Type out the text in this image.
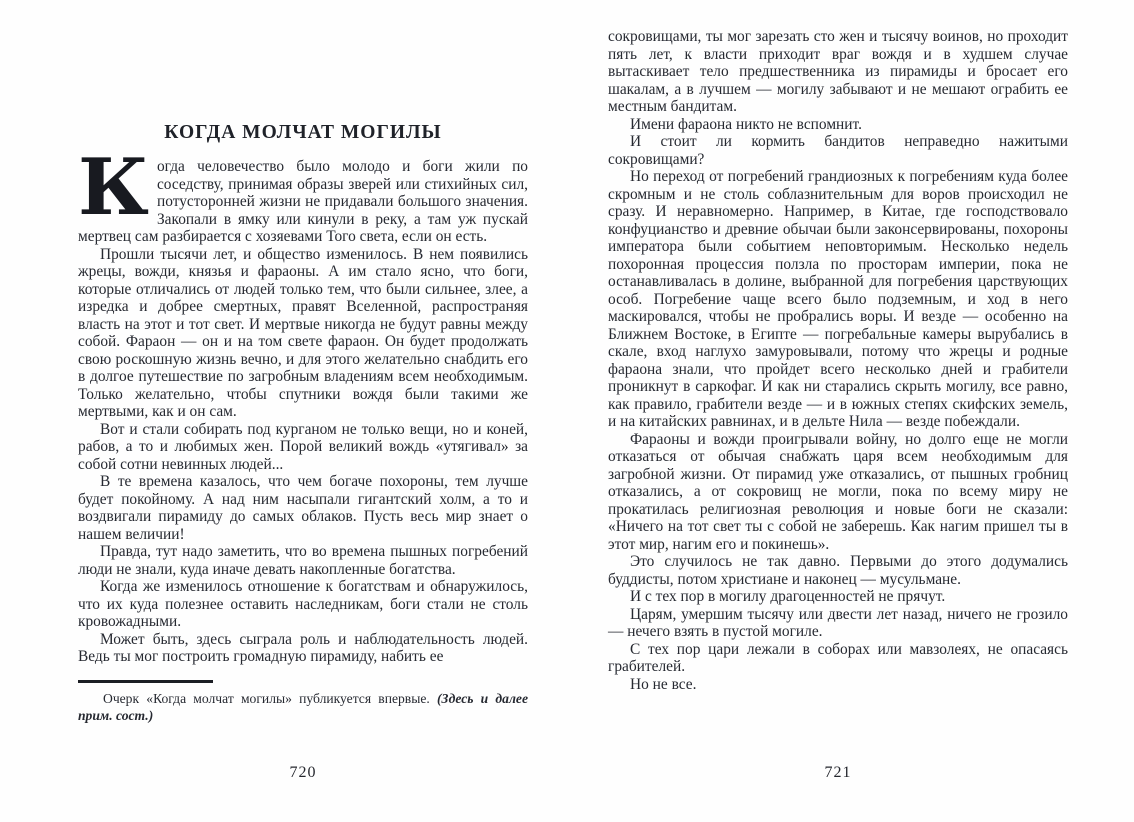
КОГДА МОЛЧАТ МОГИЛЫ

Когда человечество было молодо и боги жили по соседству, принимая образы зверей или стихийных сил, потусторонней жизни не придавали большого значения. Закопали в ямку или кинули в реку, а там уж пускай мертвец сам разбирается с хозяевами Того света, если он есть.

Прошли тысячи лет, и общество изменилось. В нем появились жрецы, вожди, князья и фараоны. А им стало ясно, что боги, которые отличались от людей только тем, что были сильнее, злее, а изредка и добрее смертных, правят Вселенной, распространяя власть на этот и тот свет. И мертвые никогда не будут равны между собой. Фараон — он и на том свете фараон. Он будет продолжать свою роскошную жизнь вечно, и для этого желательно снабдить его в долгое путешествие по загробным владениям всем необходимым. Только желательно, чтобы спутники вождя были такими же мертвыми, как и он сам.

Вот и стали собирать под курганом не только вещи, но и коней, рабов, а то и любимых жен. Порой великий вождь «утягивал» за собой сотни невинных людей...

В те времена казалось, что чем богаче похороны, тем лучше будет покойному. А над ним насыпали гигантский холм, а то и воздвигали пирамиду до самых облаков. Пусть весь мир знает о нашем величии!

Правда, тут надо заметить, что во времена пышных погребений люди не знали, куда иначе девать накопленные богатства.

Когда же изменилось отношение к богатствам и обнаружилось, что их куда полезнее оставить наследникам, боги стали не столь кровожадными.

Может быть, здесь сыграла роль и наблюдательность людей. Ведь ты мог построить громадную пирамиду, набить ее

Очерк «Когда молчат могилы» публикуется впервые. (Здесь и далее прим. сост.)

сокровищами, ты мог зарезать сто жен и тысячу воинов, но проходит пять лет, к власти приходит враг вождя и в худшем случае вытаскивает тело предшественника из пирамиды и бросает его шакалам, а в лучшем — могилу забывают и не мешают ограбить ее местным бандитам.

Имени фараона никто не вспомнит.

И стоит ли кормить бандитов неправедно нажитыми сокровищами?

Но переход от погребений грандиозных к погребениям куда более скромным и не столь соблазнительным для воров происходил не сразу. И неравномерно. Например, в Китае, где господствовало конфуцианство и древние обычаи были законсервированы, похороны императора были событием неповторимым. Несколько недель похоронная процессия ползла по просторам империи, пока не останавливалась в долине, выбранной для погребения царствующих особ. Погребение чаще всего было подземным, и ход в него маскировался, чтобы не пробрались воры. И везде — особенно на Ближнем Востоке, в Египте — погребальные камеры вырубались в скале, вход наглухо замуровывали, потому что жрецы и родные фараона знали, что пройдет всего несколько дней и грабители проникнут в саркофаг. И как ни старались скрыть могилу, все равно, как правило, грабители везде — и в южных степях скифских земель, и на китайских равнинах, и в дельте Нила — везде побеждали.

Фараоны и вожди проигрывали войну, но долго еще не могли отказаться от обычая снабжать царя всем необходимым для загробной жизни. От пирамид уже отказались, от пышных гробниц отказались, а от сокровищ не могли, пока по всему миру не прокатилась религиозная революция и новые боги не сказали: «Ничего на тот свет ты с собой не заберешь. Как нагим пришел ты в этот мир, нагим его и покинешь».

Это случилось не так давно. Первыми до этого додумались буддисты, потом христиане и наконец — мусульмане.

И с тех пор в могилу драгоценностей не прячут.

Царям, умершим тысячу или двести лет назад, ничего не грозило — нечего взять в пустой могиле.

С тех пор цари лежали в соборах или мавзолеях, не опасаясь грабителей.

Но не все.

720	721
